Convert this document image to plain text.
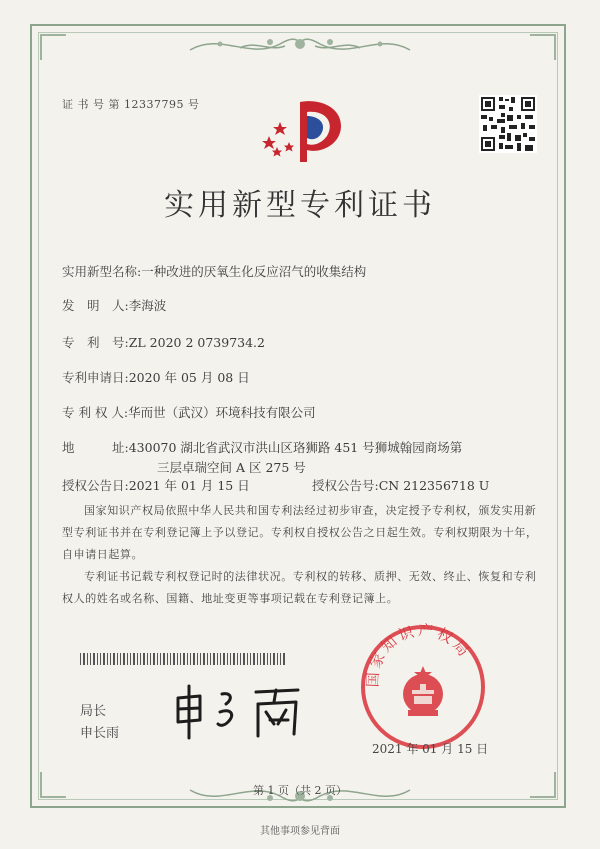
证 书 号 第 12337795 号
实用新型专利证书
实用新型名称:一种改进的厌氧生化反应沼气的收集结构
发　明　人:李海波
专　利　号:ZL 2020 2 0739734.2
专利申请日:2020 年 05 月 08 日
专 利 权 人:华而世（武汉）环境科技有限公司
地　　　址:430070 湖北省武汉市洪山区珞狮路 451 号狮城翰园商场第
三层卓瑞空间 A 区 275 号
授权公告日:2021 年 01 月 15 日	授权公告号:CN 212356718 U
国家知识产权局依照中华人民共和国专利法经过初步审查，决定授予专利权，颁发实用新型专利证书并在专利登记簿上予以登记。专利权自授权公告之日起生效。专利权期限为十年，自申请日起算。
专利证书记载专利权登记时的法律状况。专利权的转移、质押、无效、终止、恢复和专利权人的姓名或名称、国籍、地址变更等事项记载在专利登记簿上。
局长
申长雨
国家知识产权局
2021 年 01 月 15 日
第 1 页（共 2 页）
其他事项参见背面
